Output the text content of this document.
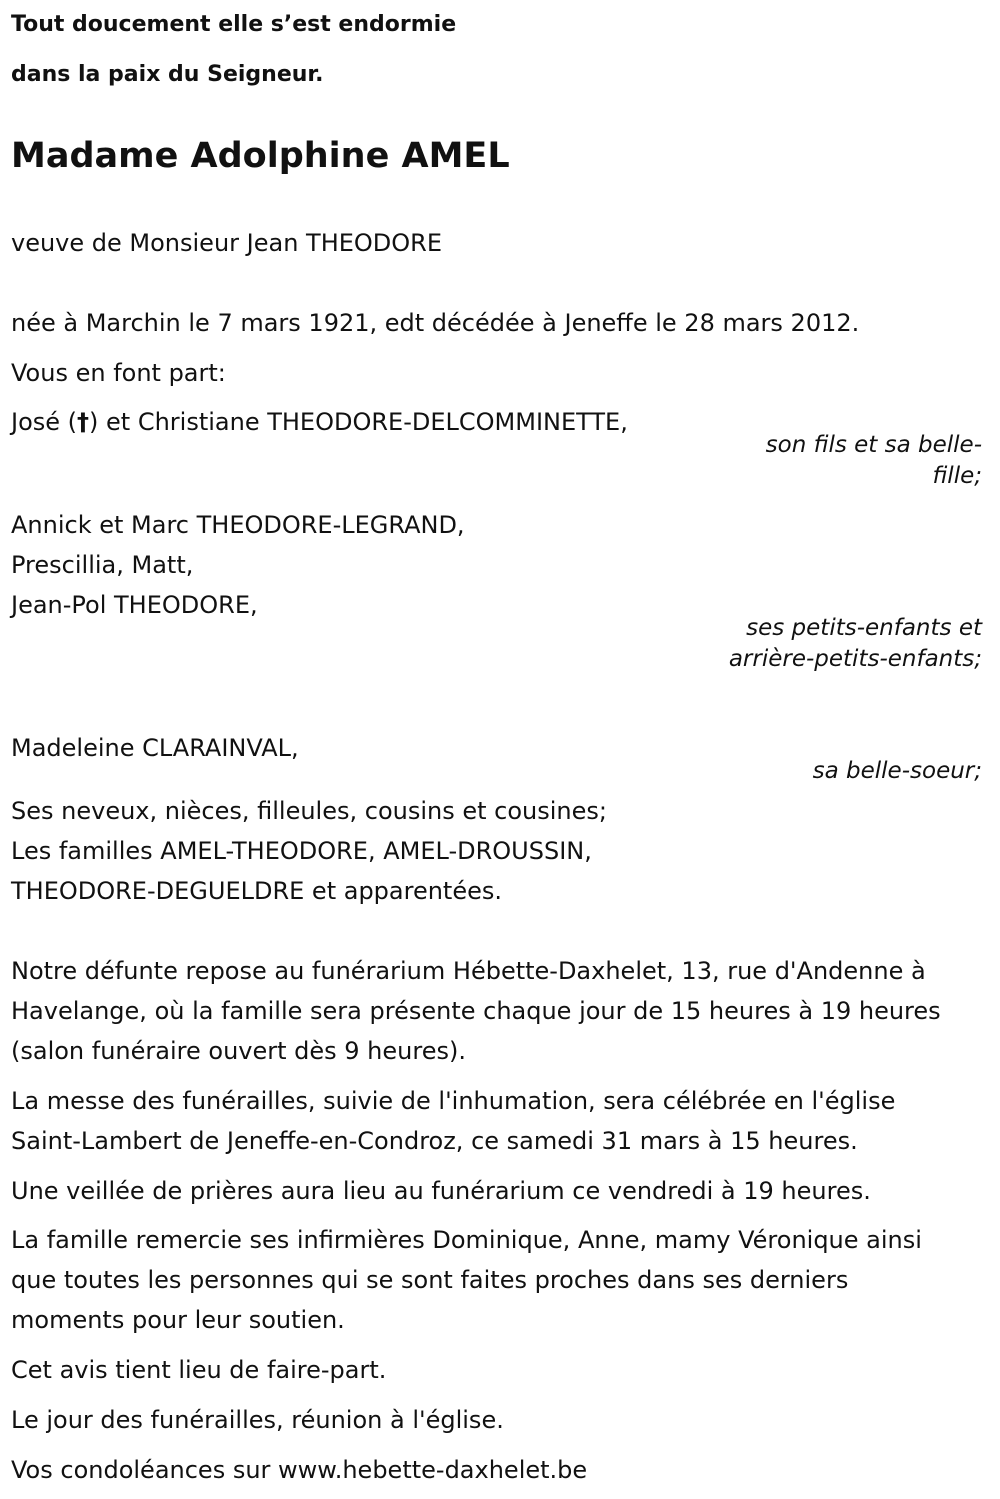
Tout doucement elle s’est endormie
dans la paix du Seigneur.
Madame Adolphine AMEL
veuve de Monsieur Jean THEODORE
née à Marchin le 7 mars 1921, edt décédée à Jeneffe le 28 mars 2012.
Vous en font part:
José (†) et Christiane THEODORE-DELCOMMINETTE,
son fils et sa belle-fille;
Annick et Marc THEODORE-LEGRAND,
Prescillia, Matt,
Jean-Pol THEODORE,
ses petits-enfants et arrière-petits-enfants;
Madeleine CLARAINVAL,
sa belle-soeur;
Ses neveux, nièces, filleules, cousins et cousines;
Les familles AMEL-THEODORE, AMEL-DROUSSIN,
THEODORE-DEGUELDRE et apparentées.
Notre défunte repose au funérarium Hébette-Daxhelet, 13, rue d'Andenne à Havelange, où la famille sera présente chaque jour de 15 heures à 19 heures (salon funéraire ouvert dès 9 heures).
La messe des funérailles, suivie de l'inhumation, sera célébrée en l'église Saint-Lambert de Jeneffe-en-Condroz, ce samedi 31 mars à 15 heures.
Une veillée de prières aura lieu au funérarium ce vendredi à 19 heures.
La famille remercie ses infirmières Dominique, Anne, mamy Véronique ainsi que toutes les personnes qui se sont faites proches dans ses derniers moments pour leur soutien.
Cet avis tient lieu de faire-part.
Le jour des funérailles, réunion à l'église.
Vos condoléances sur www.hebette-daxhelet.be
